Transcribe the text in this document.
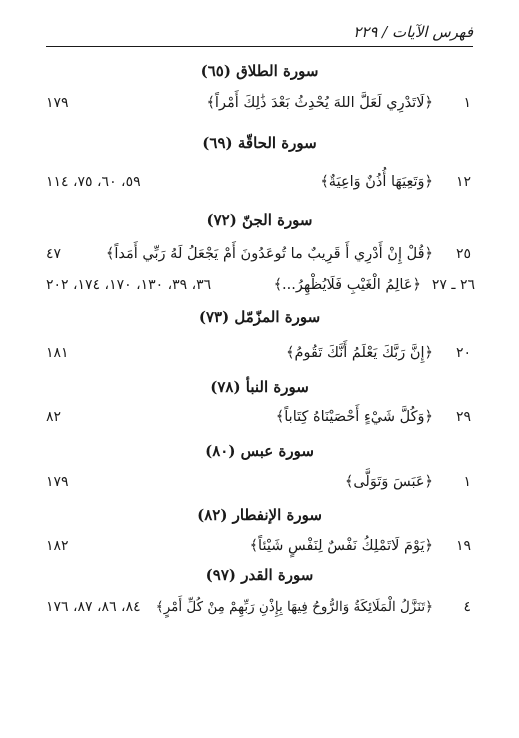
فهرس الآيات / ٢٢٩
سورة الطلاق (٦٥)
١
﴿لَاتَدْرِي لَعَلَّ اللهَ يُحْدِثُ بَعْدَ ذَٰلِكَ أَمْراً﴾
١٧٩
سورة الحاقّة (٦٩)
١٢
﴿وَتَعِيَهَا أُذُنٌ وَاعِيَةٌ﴾
٥٩، ٦٠، ٧٥، ١١٤
سورة الجنّ (٧٢)
٢٥
﴿قُلْ إِنْ أَدْرِي أَ قَرِيبٌ ما تُوعَدُونَ أَمْ يَجْعَلُ لَهُ رَبِّي أَمَداً﴾
٤٧
٢٦ ـ ٢٧
﴿عَالِمُ الْغَيْبِ فَلَايُظْهِرُ...﴾
٣٦، ٣٩، ١٣٠، ١٧٠، ١٧٤، ٢٠٢
سورة المزّمّل (٧٣)
٢٠
﴿إِنَّ رَبَّكَ يَعْلَمُ أَنَّكَ تَقُومُ﴾
١٨١
سورة النبأ (٧٨)
٢٩
﴿وَكُلَّ شَيْءٍ أَحْصَيْنَاهُ كِتَاباً﴾
٨٢
سورة عبس (٨٠)
١
﴿عَبَسَ وَتَوَلَّى﴾
١٧٩
سورة الإنفطار (٨٢)
١٩
﴿يَوْمَ لَاتَمْلِكُ نَفْسٌ لِنَفْسٍ شَيْئاً﴾
١٨٢
سورة القدر (٩٧)
٤
﴿تَنَزَّلُ الْمَلَائِكَةُ وَالرُّوحُ فِيهَا بِإِذْنِ رَبِّهِمْ مِنْ كُلِّ أَمْرٍ﴾
٨٤، ٨٦، ٨٧، ١٧٦
